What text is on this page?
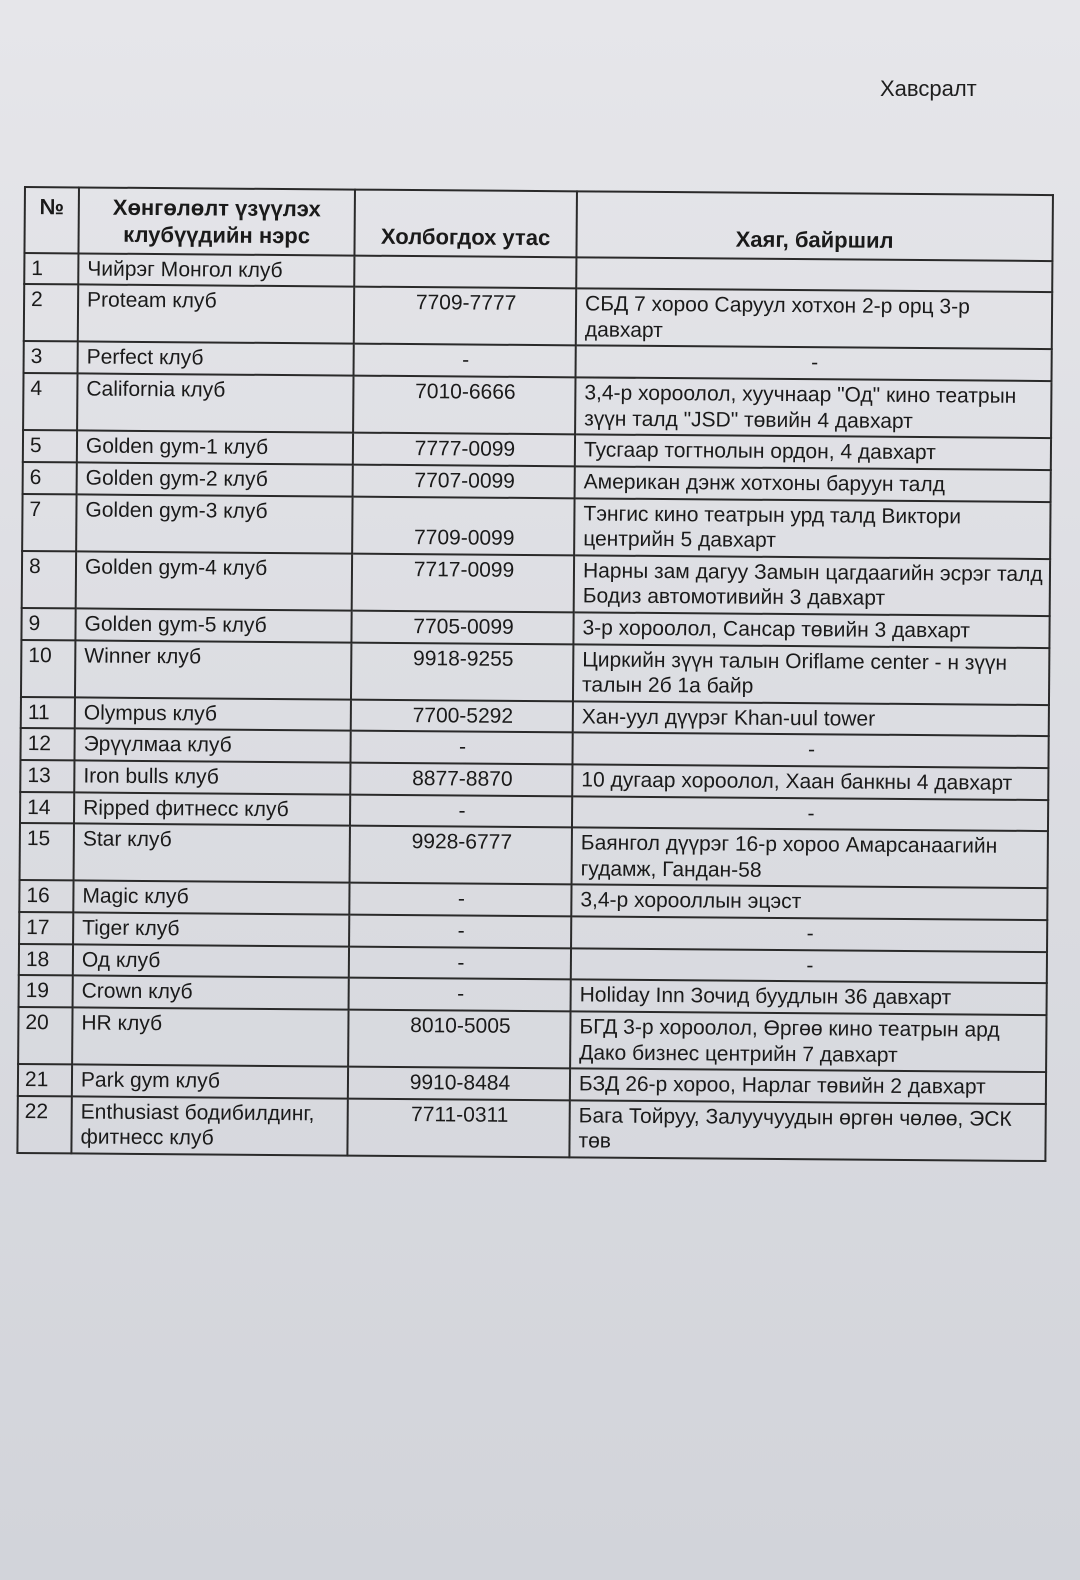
Хавсралт
№	Хөнгөлөлт үзүүлэх клубүүдийн нэрс	Холбогдох утас	Хаяг, байршил
1	Чийрэг Монгол клуб		
2	Proteam клуб	7709-7777	СБД 7 хороо Саруул хотхон 2-р орц 3-р давхарт
3	Perfect клуб	-	-
4	California клуб	7010-6666	3,4-р хороолол, хуучнаар "Од" кино театрын зүүн талд "JSD" төвийн 4 давхарт
5	Golden gym-1 клуб	7777-0099	Тусгаар тогтнолын ордон, 4 давхарт
6	Golden gym-2 клуб	7707-0099	Американ дэнж хотхоны баруун талд
7	Golden gym-3 клуб	7709-0099	Тэнгис кино театрын урд талд Виктори центрийн 5 давхарт
8	Golden gym-4 клуб	7717-0099	Нарны зам дагуу Замын цагдаагийн эсрэг талд Бодиз автомотивийн 3 давхарт
9	Golden gym-5 клуб	7705-0099	3-р хороолол, Сансар төвийн 3 давхарт
10	Winner клуб	9918-9255	Циркийн зүүн талын Oriflame center - н зүүн талын 2б 1а байр
11	Olympus клуб	7700-5292	Хан-уул дүүрэг Khan-uul tower
12	Эрүүлмаа клуб	-	-
13	Iron bulls клуб	8877-8870	10 дугаар хороолол, Хаан банкны 4 давхарт
14	Ripped фитнесс клуб	-	-
15	Star клуб	9928-6777	Баянгол дүүрэг 16-р хороо Амарсанаагийн гудамж, Гандан-58
16	Magic клуб	-	3,4-р хорооллын эцэст
17	Tiger клуб	-	-
18	Од клуб	-	-
19	Crown клуб	-	Holiday Inn Зочид буудлын 36 давхарт
20	HR клуб	8010-5005	БГД 3-р хороолол, Өргөө кино театрын ард Дако бизнес центрийн 7 давхарт
21	Park gym клуб	9910-8484	БЗД 26-р хороо, Нарлаг төвийн 2 давхарт
22	Enthusiast бодибилдинг, фитнесс клуб	7711-0311	Бага Тойруу, Залуучуудын өргөн чөлөө, ЭСК төв
